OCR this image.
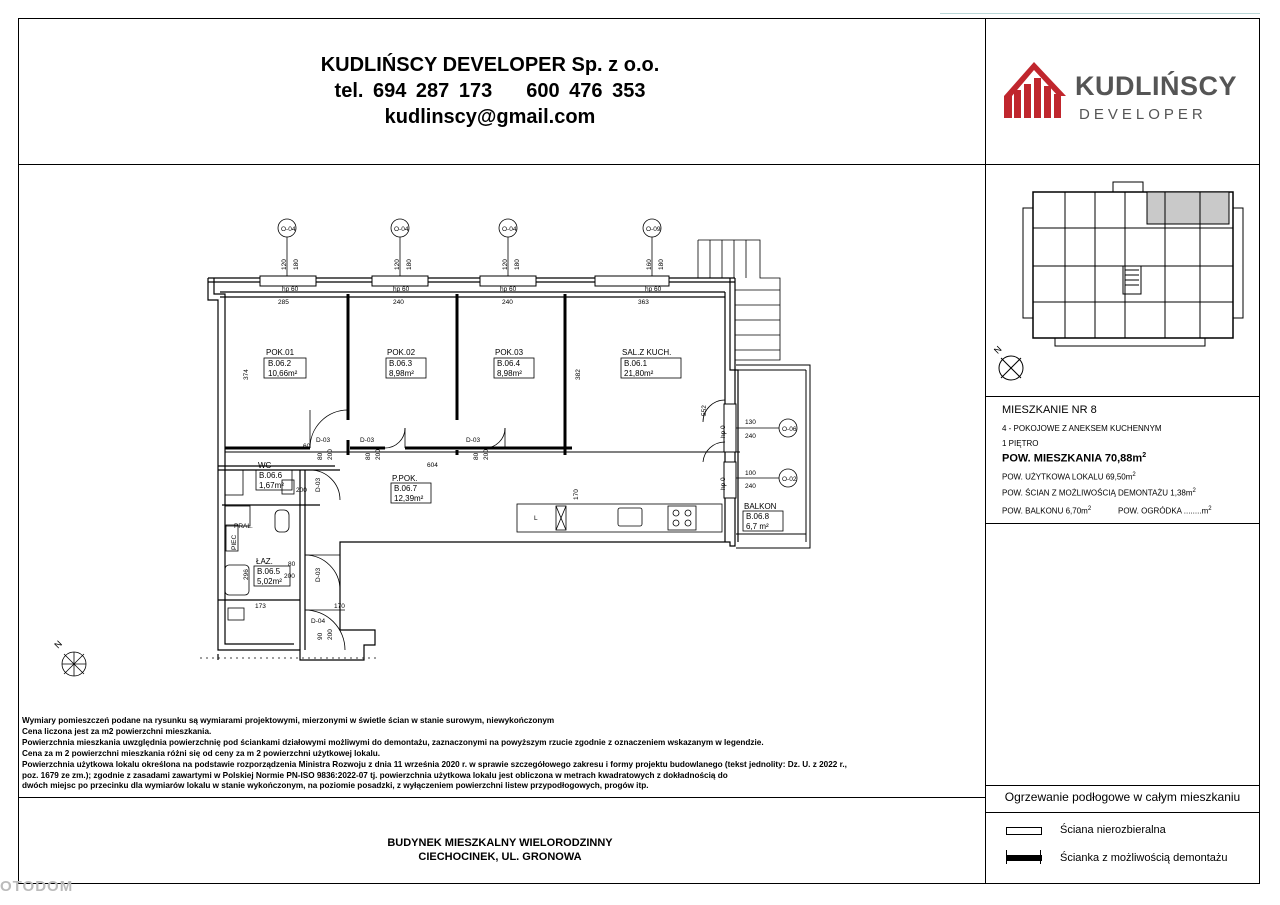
KUDLIŃSCY DEVELOPER Sp. z o.o.
tel. 694 287 173 600 476 353
kudlinscy@gmail.com
KUDLIŃSCY
DEVELOPER
N
MIESZKANIE NR 8
4 - POKOJOWE Z ANEKSEM KUCHENNYM
1 PIĘTRO
POW. MIESZKANIA $70,88m^2$
POW. UŻYTKOWA LOKALU $69,50m^2$
POW. ŚCIAN Z MOŻLIWOŚCIĄ DEMONTAŻU $1,38m^2$
POW. BALKONU $6,70m^2$	POW. OGRÓDKA $........m^2$
O-04	O-04	O-04	O-09
O-06
O-02
120 180	120 180	120 180	160 180
130
240
100
240
hp 60	hp 60	hp 60	hp 60
hp 0
hp 0
285	240	240	363
374	382
552
604
170
173	170
296
D-03	D-03	D-03
D-03
D-03
D-04
80 200	80 200	80 200
60
200
80
200
90 200
PRAL.
PIEC
L
POK.01
B.06.2
10,66m²
POK.02
B.06.3
8,98m²
POK.03
B.06.4
8,98m²
SAL.Z KUCH.
B.06.1
21,80m²
P.POK.
B.06.7
12,39m²
WC
B.06.6
1,67m²
ŁAZ.
B.06.5
5,02m²
BALKON
B.06.8
6,7 m²
N
Wymiary pomieszczeń podane na rysunku są wymiarami projektowymi, mierzonymi w świetle ścian w stanie surowym, niewykończonym
Cena liczona jest za m2 powierzchni mieszkania.
Powierzchnia mieszkania uwzględnia powierzchnię pod ściankami działowymi możliwymi do demontażu, zaznaczonymi na powyższym rzucie zgodnie z oznaczeniem wskazanym w legendzie.
Cena za m 2 powierzchni mieszkania różni się od ceny za m 2 powierzchni użytkowej lokalu.
Powierzchnia użytkowa lokalu określona na podstawie rozporządzenia Ministra Rozwoju z dnia 11 września 2020 r. w sprawie szczegółowego zakresu i formy projektu budowlanego (tekst jednolity: Dz. U. z 2022 r.,
poz. 1679 ze zm.); zgodnie z zasadami zawartymi w Polskiej Normie PN-ISO 9836:2022-07 tj. powierzchnia użytkowa lokalu jest obliczona w metrach kwadratowych z dokładnością do
dwóch miejsc po przecinku dla wymiarów lokalu w stanie wykończonym, na poziomie posadzki, z wyłączeniem powierzchni listew przypodłogowych, progów itp.
BUDYNEK MIESZKALNY WIELORODZINNY
CIECHOCINEK, UL. GRONOWA
Ogrzewanie podłogowe w całym mieszkaniu
Ściana nierozbieralna
Ścianka z możliwością demontażu
OTODOM
